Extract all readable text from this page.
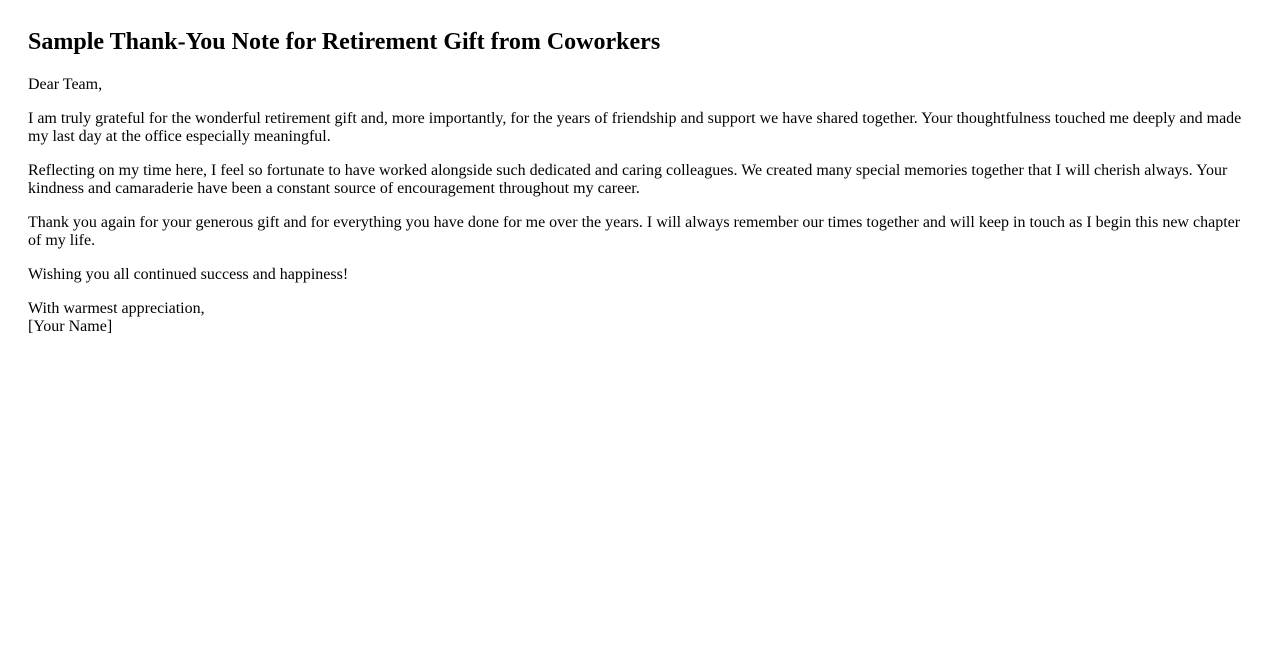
Sample Thank-You Note for Retirement Gift from Coworkers

Dear Team,

I am truly grateful for the wonderful retirement gift and, more importantly, for the years of friendship and support we have shared together. Your thoughtfulness touched me deeply and made my last day at the office especially meaningful.

Reflecting on my time here, I feel so fortunate to have worked alongside such dedicated and caring colleagues. We created many special memories together that I will cherish always. Your kindness and camaraderie have been a constant source of encouragement throughout my career.

Thank you again for your generous gift and for everything you have done for me over the years. I will always remember our times together and will keep in touch as I begin this new chapter of my life.

Wishing you all continued success and happiness!

With warmest appreciation,
[Your Name]
